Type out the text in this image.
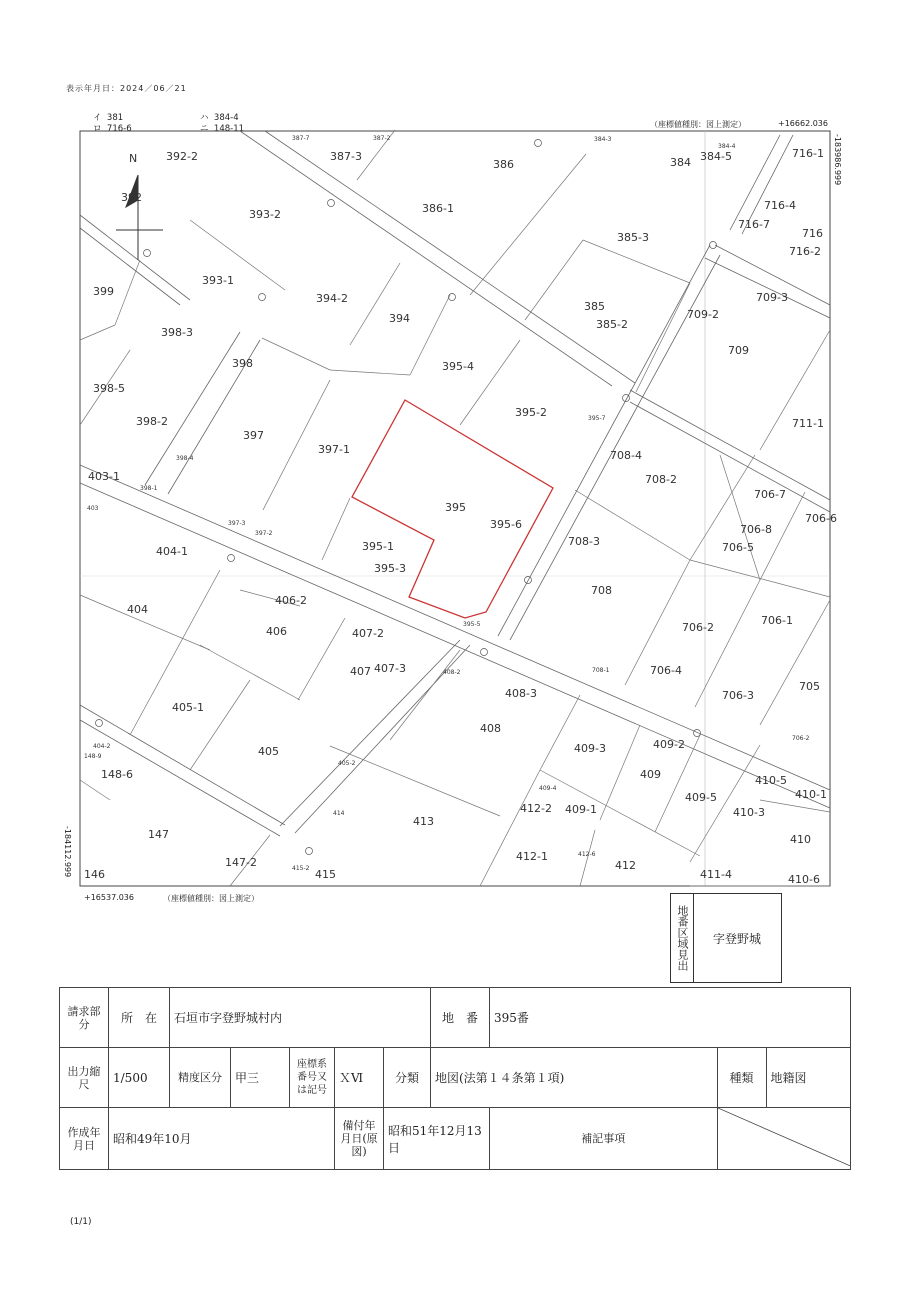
表示年月日：2024／06／21
イ 381
ロ 716-6
ハ 384-4
ニ 148-11	（座標値種別：図上測定）	+16662.036
-183986.999
-184112.999
+16537.036	（座標値種別：図上測定）
N	392-2
392
393-2
387-3
386
386-1
384 384-5	716-1
716-4
716-7
716
716-2
385-3
385
385-2
709-2
709-3
709
393-1
399
394-2
394
398-3
398
398-5
398-2
397
397-1
395-4
395-2
711-1
708-4
708-2
706-7
706-8
706-5
706-6
403-1
395
395-6
395-1
395-3
708-3
708
706-2
706-1
404-1
404
406-2
406	407-2
407 407-3	706-4
706-3
705
405-1
408-3
408
409-3	409-2
409
405
410-5
410-1
148-6
409-1
409-5
410-3
412-2
147
413
410
147-2	412-1
412
411-4	410-6
146	415
387-7	387-2	384-3
384-4
395-7
398-4
398-1
397-3
397-2
395-5
708-1
706-2
404-2
148-9
403
408-2
409-4
412-6
405-2
414
415-2
地番区域見出	字登野城
請求部分	所　在	石垣市字登野城村内					地　番	395番		
出力縮尺	1/500	精度区分	甲三	座標系番号又は記号	ＸⅥ	分類	地図(法第１４条第１項)		種類	地籍図
作成年月日	昭和49年10月				備付年月日(原図)	昭和51年12月13日		補記事項	
(1/1)
